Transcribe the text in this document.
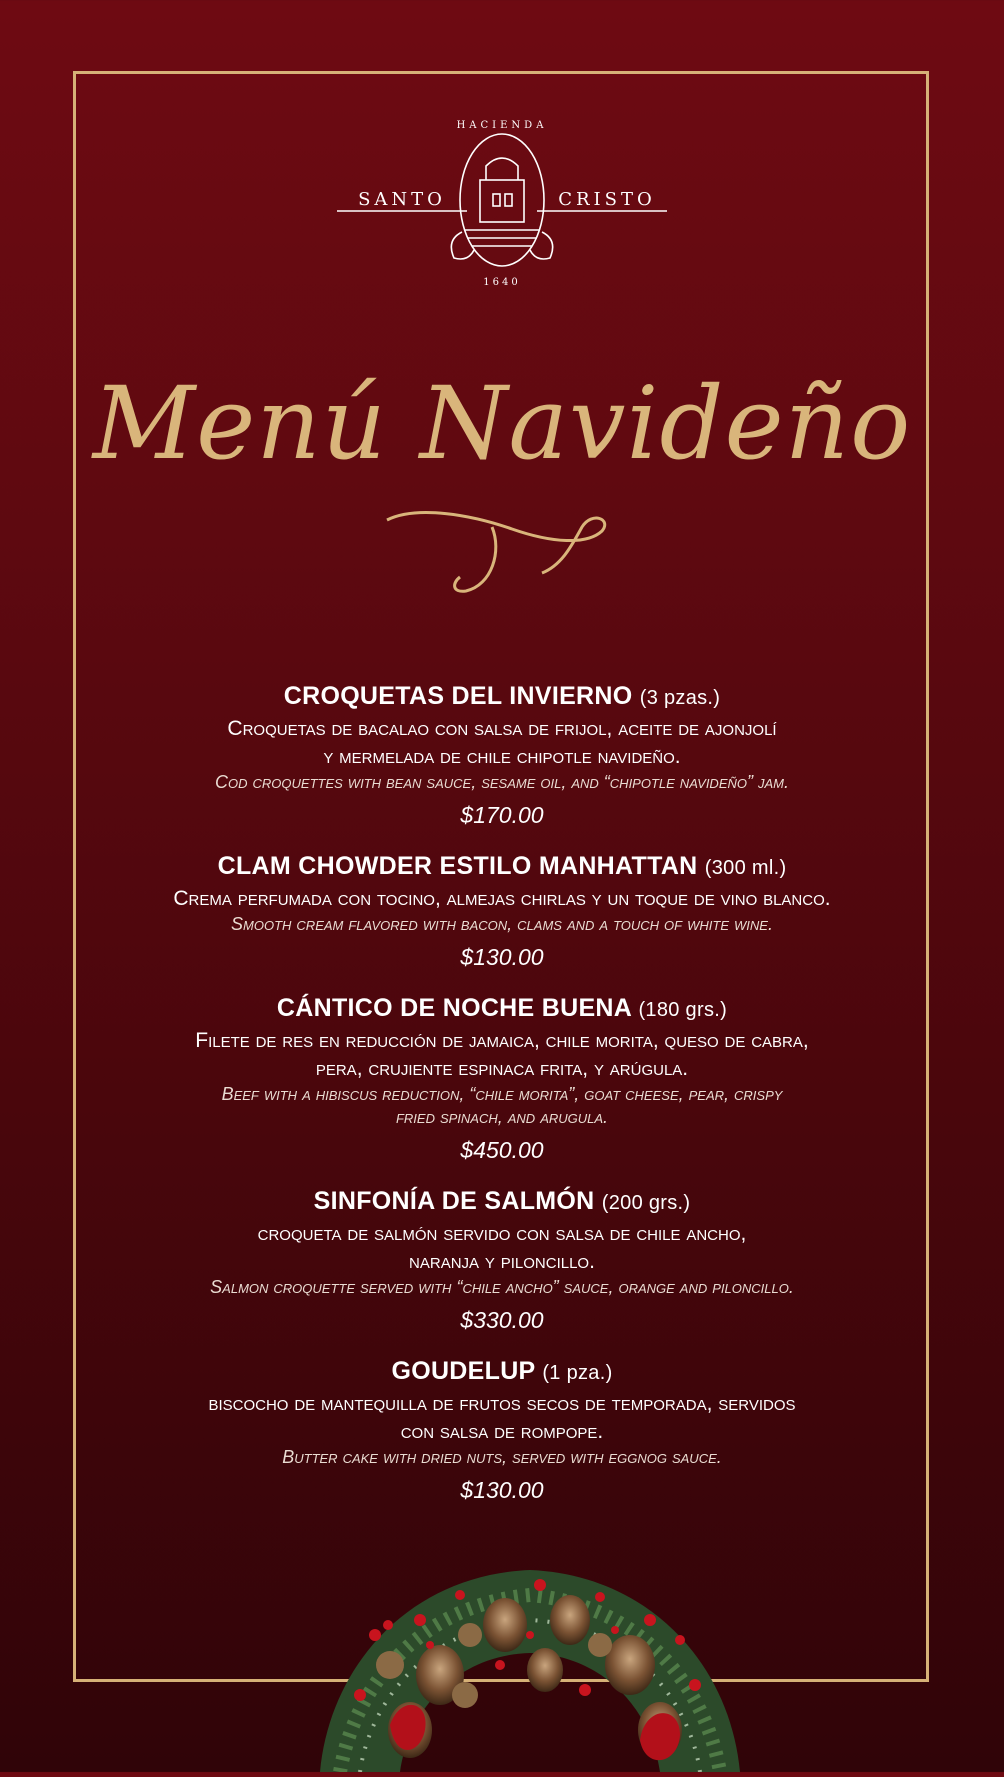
SANTO	CRISTO
HACIENDA
1640
Menú Navideño
CROQUETAS DEL INVIERNO (3 pzas.)
Croquetas de bacalao con salsa de frijol, aceite de ajonjolí
y mermelada de chile chipotle navideño.
Cod croquettes with bean sauce, sesame oil, and “chipotle navideño” jam.
$170.00
CLAM CHOWDER ESTILO MANHATTAN (300 ml.)
Crema perfumada con tocino, almejas chirlas y un toque de vino blanco.
Smooth cream flavored with bacon, clams and a touch of white wine.
$130.00
CÁNTICO DE NOCHE BUENA (180 grs.)
Filete de res en reducción de jamaica, chile morita, queso de cabra,
pera, crujiente espinaca frita, y arúgula.
Beef with a hibiscus reduction, “chile morita”, goat cheese, pear, crispy
fried spinach, and arugula.
$450.00
SINFONÍA DE SALMÓN (200 grs.)
croqueta de salmón servido con salsa de chile ancho,
naranja y piloncillo.
Salmon croquette served with “chile ancho” sauce, orange and piloncillo.
$330.00
GOUDELUP (1 pza.)
biscocho de mantequilla de frutos secos de temporada, servidos
con salsa de rompope.
Butter cake with dried nuts, served with eggnog sauce.
$130.00
